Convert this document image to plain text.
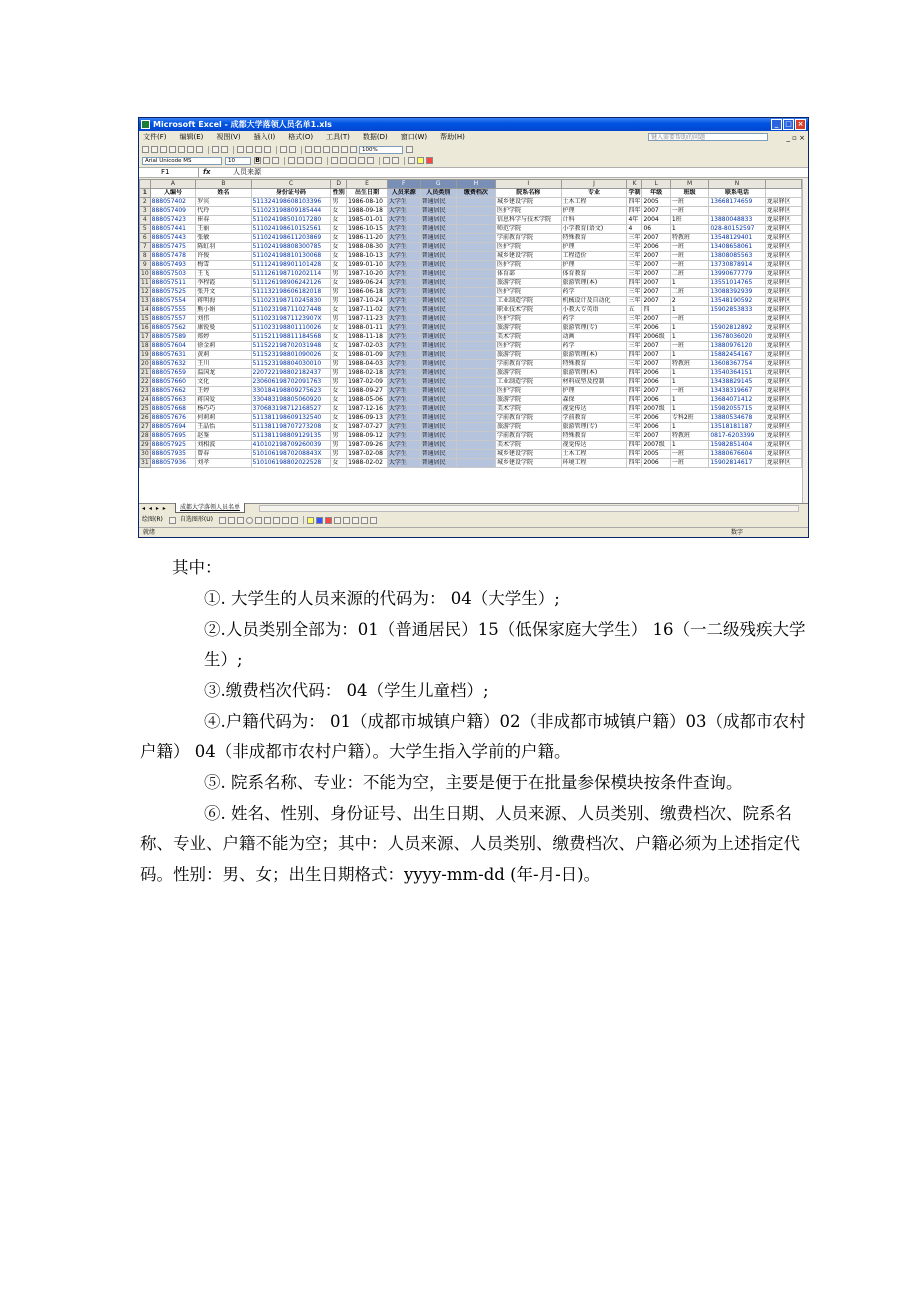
Microsoft Excel - 成都大学落领人员名单1.xls	_ □ ×
文件(F) 编辑(E) 视图(V) 插入(I) 格式(O) 工具(T) 数据(D) 窗口(W) 帮助(H)	键入需要帮助的问题	_ ▫ ×
100%
Arial Unicode MS	10	B
F1	fx	人员来源
	A	B	C	D	E	F	G	H	I	J	K	L	M	N	
1	人编号	姓名	身份证号码	性别	出生日期	人员来源	人员类别	缴费档次	院系名称	专业	学制	年级	班级	联系电话	
2	888057402	罗宾	511324198608103396	男	1986-08-10	大学生	普通居民		城乡建设学院	土木工程	四年	2005	一班	13668174659	龙泉驿区
3	888057409	代玲	511023198809185444	女	1988-09-18	大学生	普通居民		医护学院	护理	四年	2007	一班		龙泉驿区
4	888057423	崔春	511024198501017280	女	1985-01-01	大学生	普通居民		信息科学与技术学院	计科	4年	2004	1班	13880048833	龙泉驿区
5	888057441	王丽	511024198610152561	女	1986-10-15	大学生	普通居民		师范学院	小学教育(语文)	4	06	1	028-80152597	龙泉驿区
6	888057443	张敏	511024198611203869	女	1986-11-20	大学生	普通居民		学前教育学院	特殊教育	三年	2007	特教班	13548129401	龙泉驿区
7	888057475	陈虹羽	511024198808300785	女	1988-08-30	大学生	普通居民		医护学院	护理	三年	2006	一班	13408658061	龙泉驿区
8	888057478	许俊	511024198810130068	女	1988-10-13	大学生	普通居民		城乡建设学院	工程造价	三年	2007	一班	13808085563	龙泉驿区
9	888057493	梅雪	511124198901101428	女	1989-01-10	大学生	普通居民		医护学院	护理	三年	2007	一班	13730878914	龙泉驿区
10	888057503	王飞	511126198710202114	男	1987-10-20	大学生	普通居民		体育部	体育教育	三年	2007	二班	13990677779	龙泉驿区
11	888057511	李程霞	511126198906242126	女	1989-06-24	大学生	普通居民		旅游学院	旅游管理(本)	四年	2007	1	13551014765	龙泉驿区
12	888057525	张开文	511132198606182018	男	1986-06-18	大学生	普通居民		医护学院	药学	三年	2007	二班	13088392939	龙泉驿区
13	888057554	蒋明海	511023198710245830	男	1987-10-24	大学生	普通居民		工业制造学院	机械设计及自动化	三年	2007	2	13548190592	龙泉驿区
14	888057555	熊小娟	511023198711027448	女	1987-11-02	大学生	普通居民		职业技术学院	小教大专英语	五	四	1	15902853833	龙泉驿区
15	888057557	刘伟	51102319871123907X	男	1987-11-23	大学生	普通居民		医护学院	药学	三年	2007	一班		龙泉驿区
16	888057562	康锐曼	511023198801110026	女	1988-01-11	大学生	普通居民		旅游学院	旅游管理(专)	三年	2006	1	15902812892	龙泉驿区
17	888057589	郑婷	511521198811184568	女	1988-11-18	大学生	普通居民		美术学院	动画	四年	2006级	1	13678036020	龙泉驿区
18	888057604	徐金莉	511522198702031948	女	1987-02-03	大学生	普通居民		医护学院	药学	三年	2007	一班	13880976120	龙泉驿区
19	888057631	黄莉	511523198801090026	女	1988-01-09	大学生	普通居民		旅游学院	旅游管理(本)	四年	2007	1	15882454167	龙泉驿区
20	888057632	王川	511523198804030010	男	1988-04-03	大学生	普通居民		学前教育学院	特殊教育	三年	2007	特教班	13608367754	龙泉驿区
21	888057659	温国龙	220722198802182437	男	1988-02-18	大学生	普通居民		旅游学院	旅游管理(本)	四年	2006	1	13540364151	龙泉驿区
22	888057660	文化	230606198702091763	男	1987-02-09	大学生	普通居民		工业制造学院	材料成型及控制	四年	2006	1	13438829145	龙泉驿区
23	888057662	王婷	330184198809275623	女	1988-09-27	大学生	普通居民		医护学院	护理	四年	2007	一班	13438319667	龙泉驿区
24	888057663	蒋国爱	330483198805060920	女	1988-05-06	大学生	普通居民		旅游学院	森保	四年	2006	1	13684071412	龙泉驿区
25	888057668	杨巧巧	370683198712168527	女	1987-12-16	大学生	普通居民		美术学院	视觉传达	四年	2007级	1	15982055715	龙泉驿区
26	888057676	何莉莉	511381198609132540	女	1986-09-13	大学生	普通居民		学前教育学院	学前教育	三年	2006	专科2班	13880534678	龙泉驿区
27	888057694	王晶怡	511381198707273208	女	1987-07-27	大学生	普通居民		旅游学院	旅游管理(专)	三年	2006	1	13518181187	龙泉驿区
28	888057695	赵鉴	511381198809129135	男	1988-09-12	大学生	普通居民		学前教育学院	特殊教育	三年	2007	特教班	0817-6203399	龙泉驿区
29	888057925	刘相波	410102198709260039	男	1987-09-26	大学生	普通居民		美术学院	视觉传达	四年	2007级	1	15982851404	龙泉驿区
30	888057935	曾春	51010619870208843X	男	1987-02-08	大学生	普通居民		城乡建设学院	土木工程	四年	2005	一班	13880676604	龙泉驿区
31	888057936	刘孝	510106198802022528	女	1988-02-02	大学生	普通居民		城乡建设学院	环境工程	四年	2006	一班	15902814617	龙泉驿区
◂ ◂ ▸ ▸	成都大学落领人员名单
绘图(R)	自选图形(U)
就绪	数字
其中：
①. 大学生的人员来源的代码为： 04（大学生）;
②.人员类别全部为：01（普通居民）15（低保家庭大学生） 16（一二级残疾大学
生）;
③.缴费档次代码： 04（学生儿童档）;
④.户籍代码为： 01（成都市城镇户籍）02（非成都市城镇户籍）03（成都市农村
户籍） 04（非成都市农村户籍）。大学生指入学前的户籍。
⑤. 院系名称、专业：不能为空，主要是便于在批量参保模块按条件查询。
⑥. 姓名、性别、身份证号、出生日期、人员来源、人员类别、缴费档次、院系名
称、专业、户籍不能为空；其中：人员来源、人员类别、缴费档次、户籍必须为上述指定代
码。性别：男、女；出生日期格式：yyyy-mm-dd (年-月-日)。
